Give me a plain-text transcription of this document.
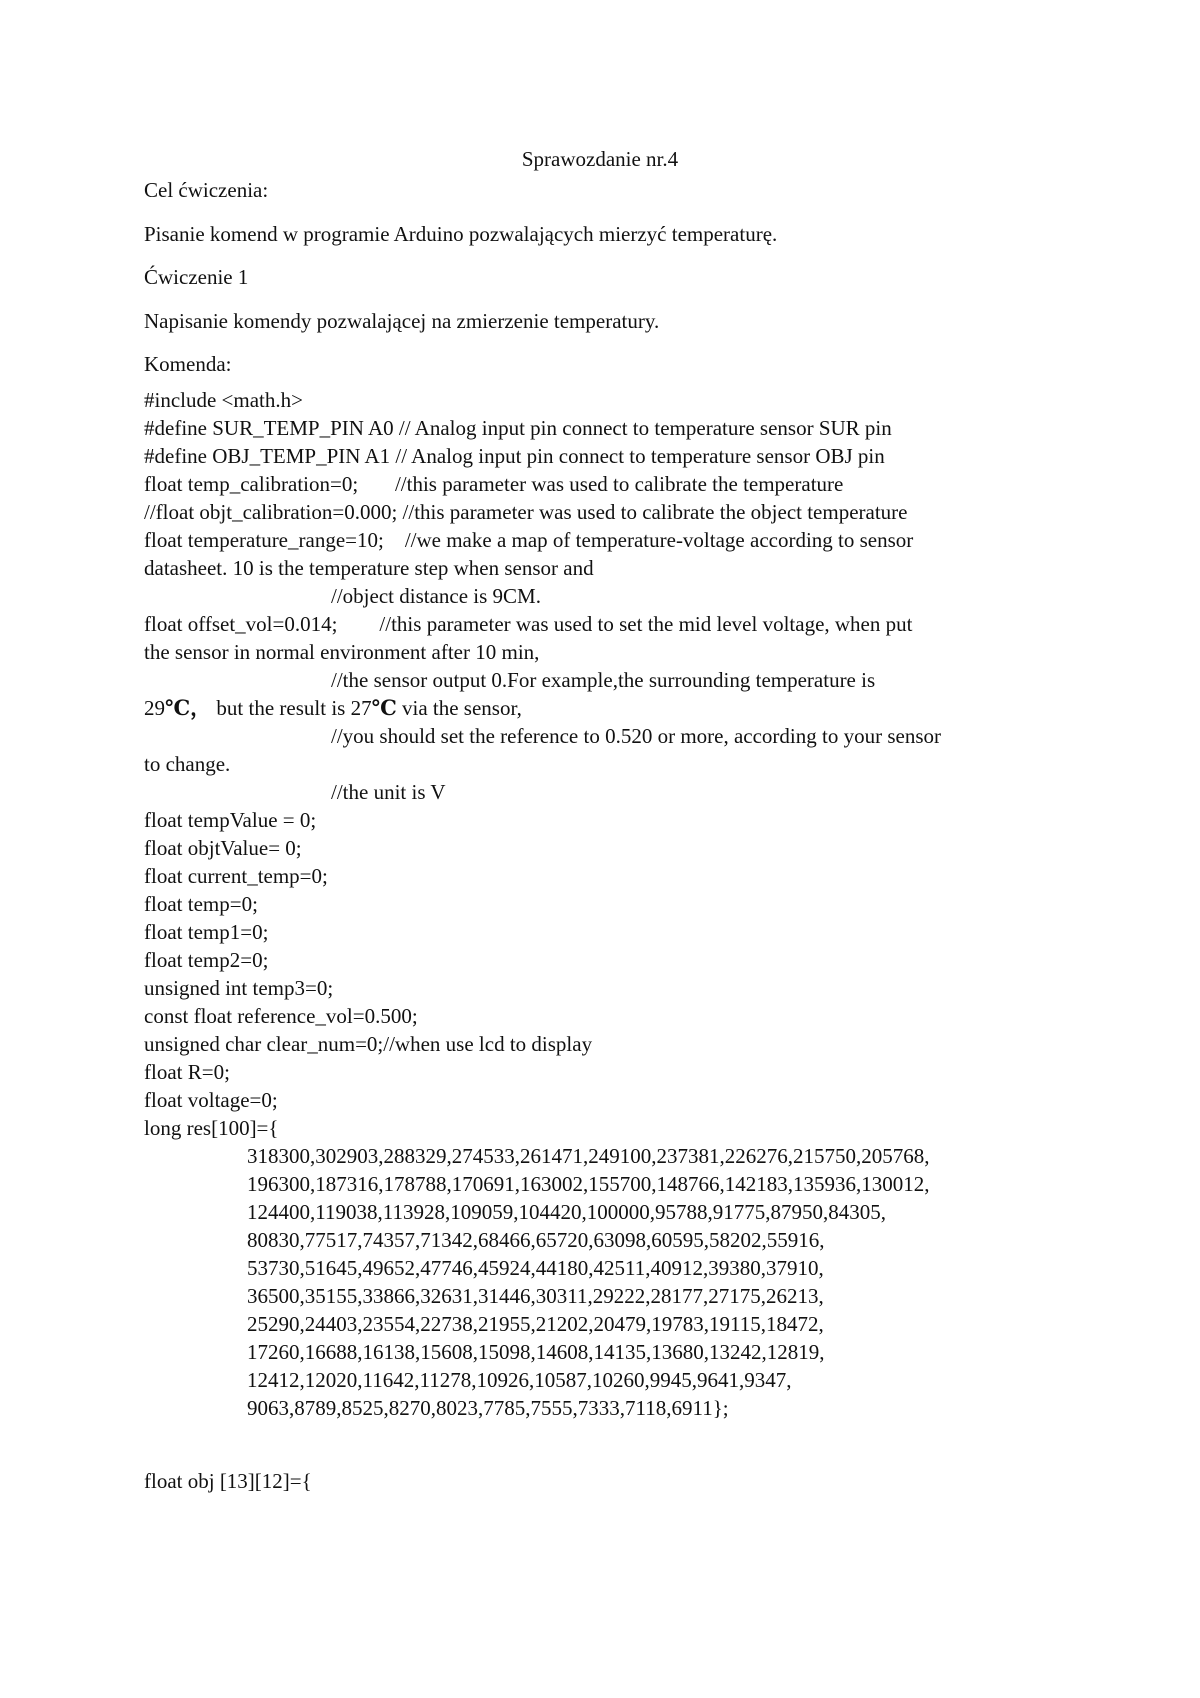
Sprawozdanie nr.4

Cel ćwiczenia:

Pisanie komend w programie Arduino pozwalających mierzyć temperaturę.

Ćwiczenie 1

Napisanie komendy pozwalającej na zmierzenie temperatury.

Komenda:

#include <math.h>
#define SUR_TEMP_PIN A0 // Analog input pin connect to temperature sensor SUR pin
#define OBJ_TEMP_PIN A1 // Analog input pin connect to temperature sensor OBJ pin
float temp_calibration=0;       //this parameter was used to calibrate the temperature
//float objt_calibration=0.000; //this parameter was used to calibrate the object temperature
float temperature_range=10;    //we make a map of temperature-voltage according to sensor
datasheet. 10 is the temperature step when sensor and
//object distance is 9CM.
float offset_vol=0.014;        //this parameter was used to set the mid level voltage, when put
the sensor in normal environment after 10 min,
//the sensor output 0.For example,the surrounding temperature is
29℃， but the result is 27℃ via the sensor,
//you should set the reference to 0.520 or more, according to your sensor
to change.
//the unit is V
float tempValue = 0;
float objtValue= 0;
float current_temp=0;
float temp=0;
float temp1=0;
float temp2=0;
unsigned int temp3=0;
const float reference_vol=0.500;
unsigned char clear_num=0;//when use lcd to display
float R=0;
float voltage=0;
long res[100]={
318300,302903,288329,274533,261471,249100,237381,226276,215750,205768,
196300,187316,178788,170691,163002,155700,148766,142183,135936,130012,
124400,119038,113928,109059,104420,100000,95788,91775,87950,84305,
80830,77517,74357,71342,68466,65720,63098,60595,58202,55916,
53730,51645,49652,47746,45924,44180,42511,40912,39380,37910,
36500,35155,33866,32631,31446,30311,29222,28177,27175,26213,
25290,24403,23554,22738,21955,21202,20479,19783,19115,18472,
17260,16688,16138,15608,15098,14608,14135,13680,13242,12819,
12412,12020,11642,11278,10926,10587,10260,9945,9641,9347,
9063,8789,8525,8270,8023,7785,7555,7333,7118,6911};

float obj [13][12]={
